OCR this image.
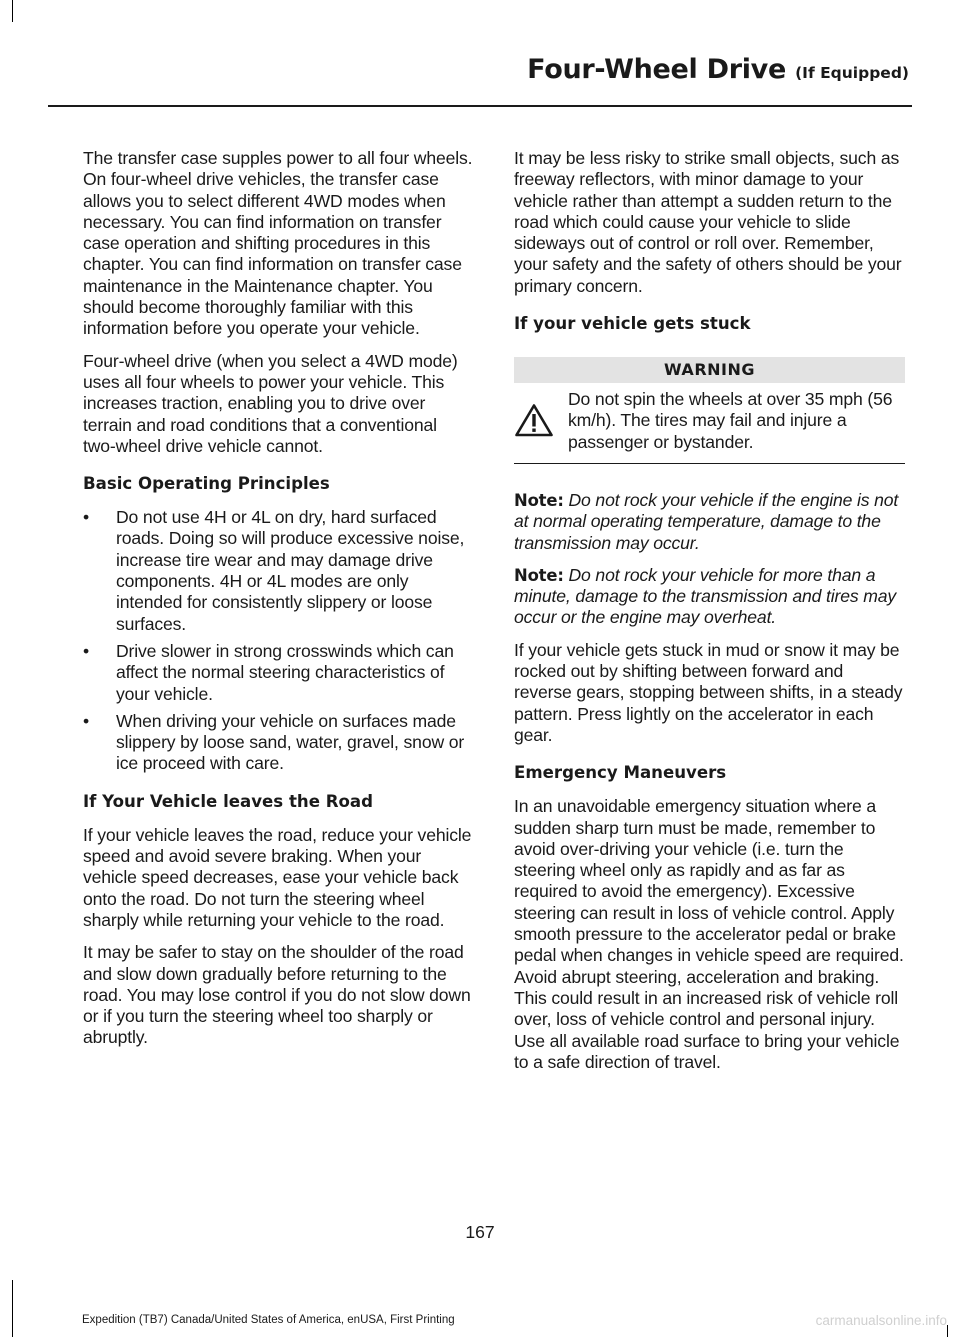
Four-Wheel Drive (If Equipped)

The transfer case supples power to all four wheels. On four-wheel drive vehicles, the transfer case allows you to select different 4WD modes when necessary. You can find information on transfer case operation and shifting procedures in this chapter. You can find information on transfer case maintenance in the Maintenance chapter. You should become thoroughly familiar with this information before you operate your vehicle.

Four-wheel drive (when you select a 4WD mode) uses all four wheels to power your vehicle. This increases traction, enabling you to drive over terrain and road conditions that a conventional two-wheel drive vehicle cannot.

Basic Operating Principles
• Do not use 4H or 4L on dry, hard surfaced roads. Doing so will produce excessive noise, increase tire wear and may damage drive components. 4H or 4L modes are only intended for consistently slippery or loose surfaces.
• Drive slower in strong crosswinds which can affect the normal steering characteristics of your vehicle.
• When driving your vehicle on surfaces made slippery by loose sand, water, gravel, snow or ice proceed with care.
If Your Vehicle leaves the Road

If your vehicle leaves the road, reduce your vehicle speed and avoid severe braking. When your vehicle speed decreases, ease your vehicle back onto the road. Do not turn the steering wheel sharply while returning your vehicle to the road.

It may be safer to stay on the shoulder of the road and slow down gradually before returning to the road. You may lose control if you do not slow down or if you turn the steering wheel too sharply or abruptly.

It may be less risky to strike small objects, such as freeway reflectors, with minor damage to your vehicle rather than attempt a sudden return to the road which could cause your vehicle to slide sideways out of control or roll over. Remember, your safety and the safety of others should be your primary concern.

If your vehicle gets stuck
WARNING

Do not spin the wheels at over 35 mph (56 km/h). The tires may fail and injure a passenger or bystander.

Note: Do not rock your vehicle if the engine is not at normal operating temperature, damage to the transmission may occur.

Note: Do not rock your vehicle for more than a minute, damage to the transmission and tires may occur or the engine may overheat.

If your vehicle gets stuck in mud or snow it may be rocked out by shifting between forward and reverse gears, stopping between shifts, in a steady pattern. Press lightly on the accelerator in each gear.

Emergency Maneuvers

In an unavoidable emergency situation where a sudden sharp turn must be made, remember to avoid over-driving your vehicle (i.e. turn the steering wheel only as rapidly and as far as required to avoid the emergency). Excessive steering can result in loss of vehicle control. Apply smooth pressure to the accelerator pedal or brake pedal when changes in vehicle speed are required. Avoid abrupt steering, acceleration and braking. This could result in an increased risk of vehicle roll over, loss of vehicle control and personal injury. Use all available road surface to bring your vehicle to a safe direction of travel.

167
Expedition (TB7) Canada/United States of America, enUSA, First Printing	carmanualsonline.info
